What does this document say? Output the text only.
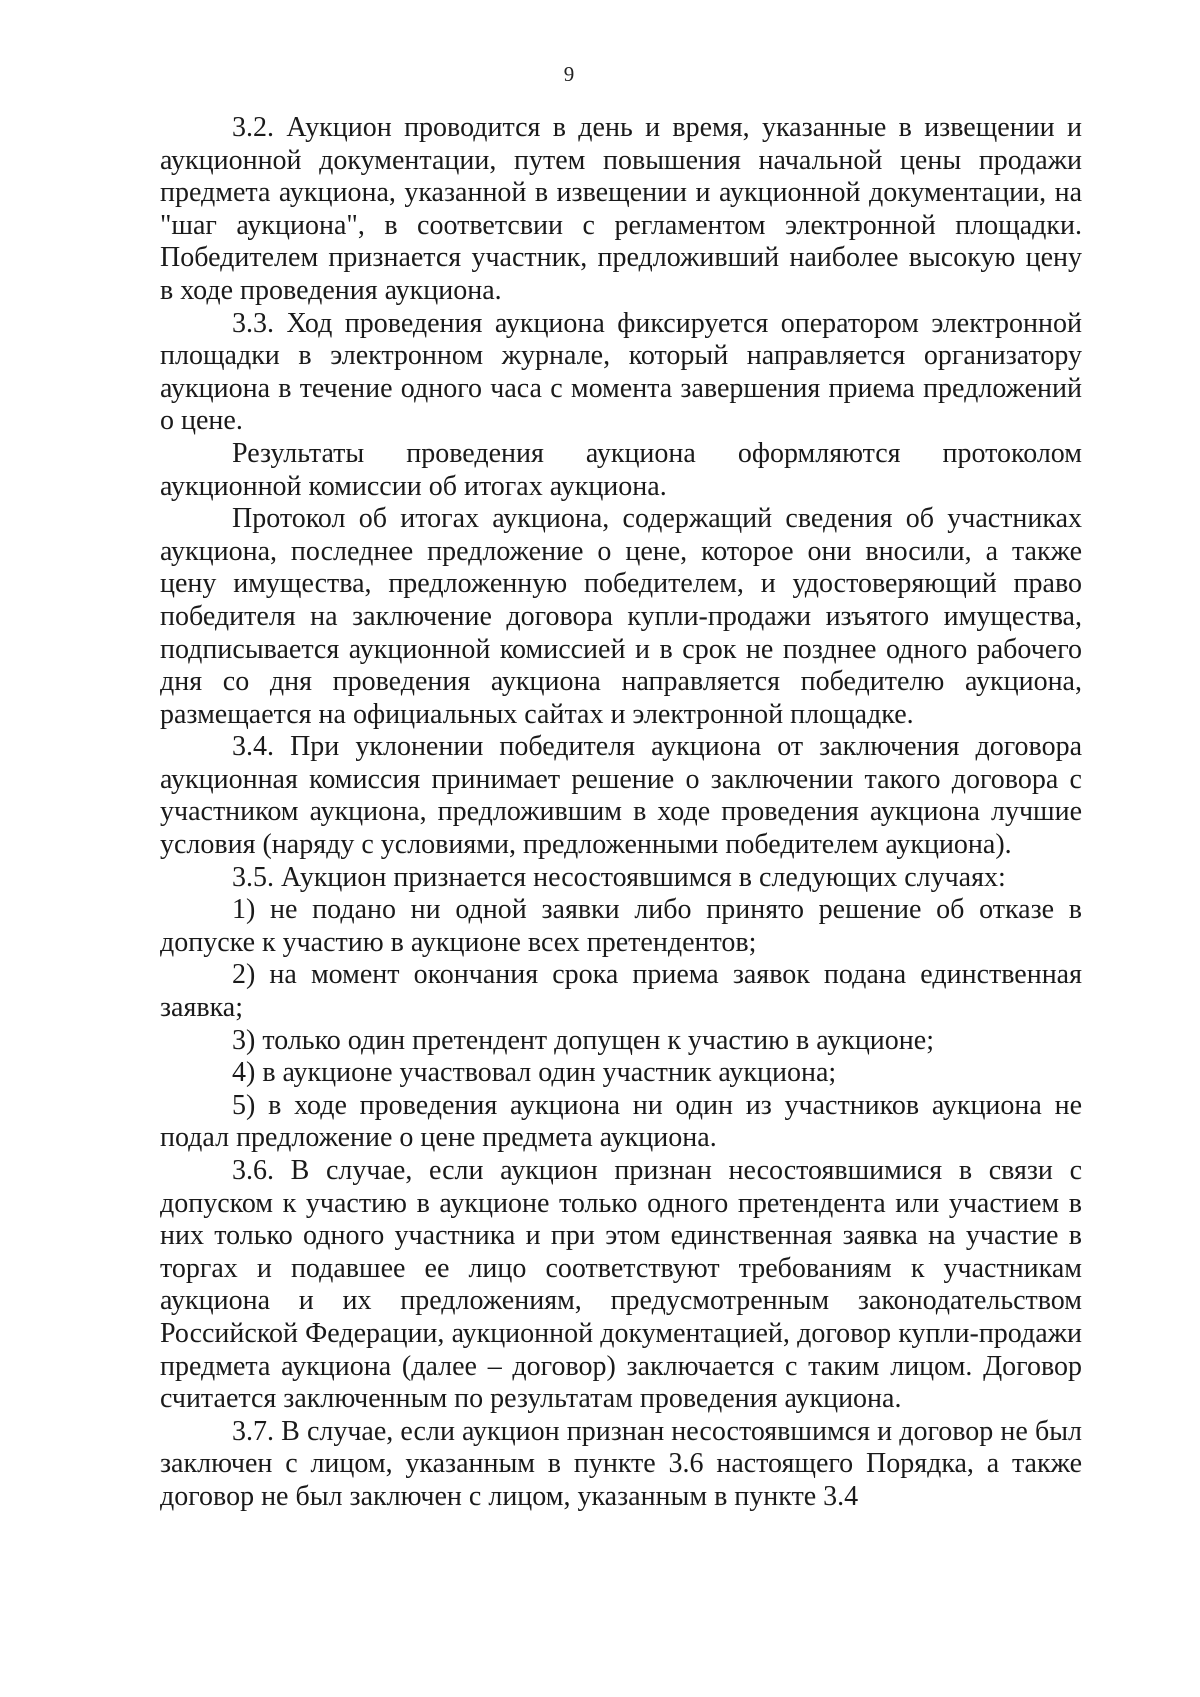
9

3.2. Аукцион проводится в день и время, указанные в извещении и аукционной документации, путем повышения начальной цены продажи предмета аукциона, указанной в извещении и аукционной документации, на "шаг аукциона", в соответсвии с регламентом электронной площадки. Победителем признается участник, предложивший наиболее высокую цену в ходе проведения аукциона.

3.3. Ход проведения аукциона фиксируется оператором электронной площадки в электронном журнале, который направляется организатору аукциона в течение одного часа с момента завершения приема предложений о цене.

Результаты проведения аукциона оформляются протоколом аукционной комиссии об итогах аукциона.

Протокол об итогах аукциона, содержащий сведения об участниках аукциона, последнее предложение о цене, которое они вносили, а также цену имущества, предложенную победителем, и удостоверяющий право победителя на заключение договора купли-продажи изъятого имущества, подписывается аукционной комиссией и в срок не позднее одного рабочего дня со дня проведения аукциона направляется победителю аукциона, размещается на официальных сайтах и электронной площадке.

3.4. При уклонении победителя аукциона от заключения договора аукционная комиссия принимает решение о заключении такого договора с участником аукциона, предложившим в ходе проведения аукциона лучшие условия (наряду с условиями, предложенными победителем аукциона).

3.5. Аукцион признается несостоявшимся в следующих случаях:

1) не подано ни одной заявки либо принято решение об отказе в допуске к участию в аукционе всех претендентов;

2) на момент окончания срока приема заявок подана единственная заявка;

3) только один претендент допущен к участию в аукционе;

4) в аукционе участвовал один участник аукциона;

5) в ходе проведения аукциона ни один из участников аукциона не подал предложение о цене предмета аукциона.

3.6. В случае, если аукцион признан несостоявшимися в связи с допуском к участию в аукционе только одного претендента или участием в них только одного участника и при этом единственная заявка на участие в торгах и подавшее ее лицо соответствуют требованиям к участникам аукциона и их предложениям, предусмотренным законодательством Российской Федерации, аукционной документацией, договор купли-продажи предмета аукциона (далее – договор) заключается с таким лицом. Договор считается заключенным по результатам проведения аукциона.

3.7. В случае, если аукцион признан несостоявшимся и договор не был заключен с лицом, указанным в пункте 3.6 настоящего Порядка, а также договор не был заключен с лицом, указанным в пункте 3.4
